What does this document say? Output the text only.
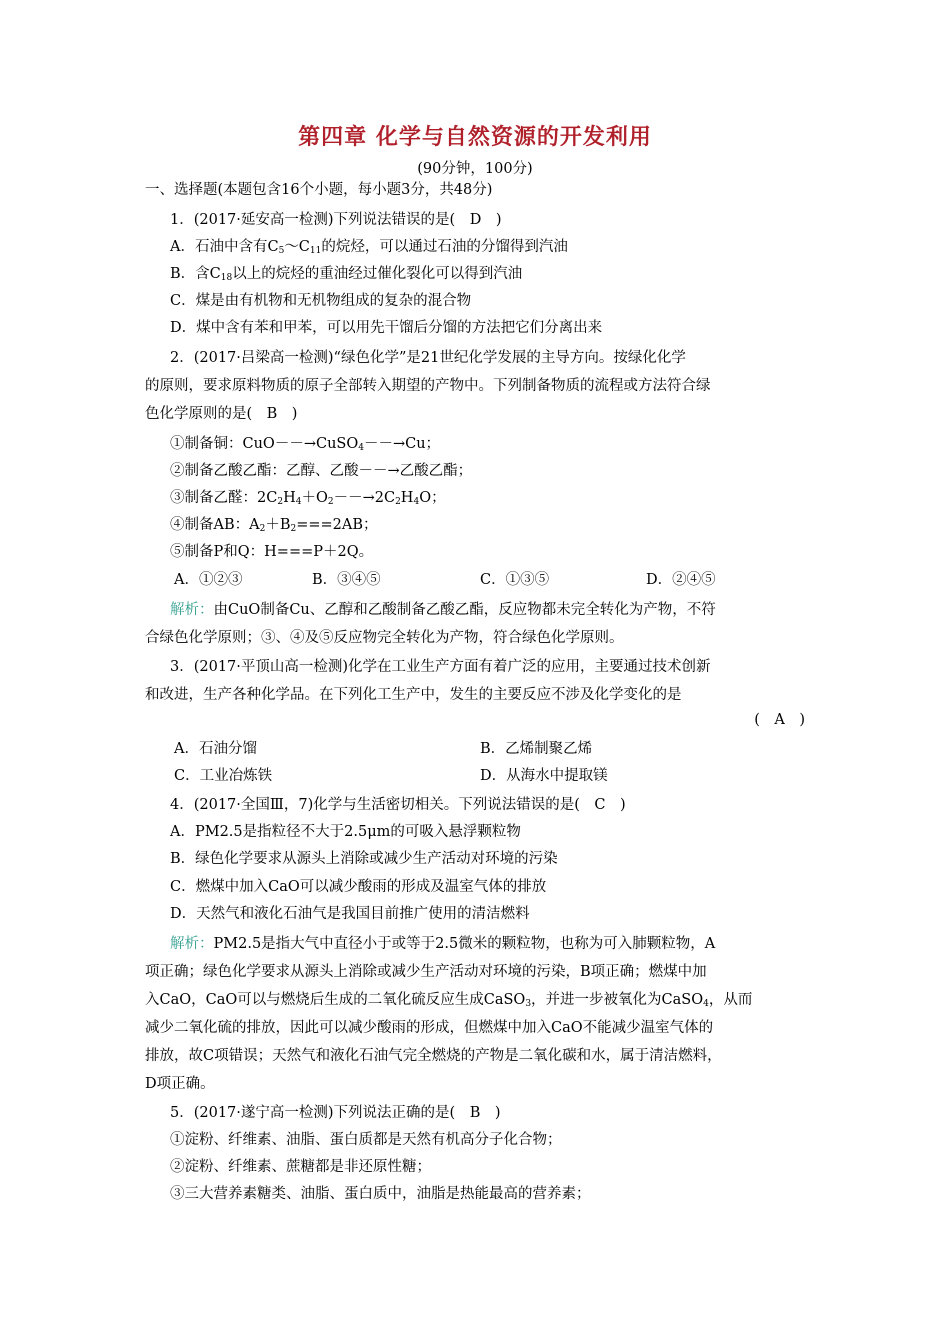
第四章 化学与自然资源的开发利用
(90分钟，100分)
一、选择题(本题包含16个小题，每小题3分，共48分)
1．(2017·延安高一检测)下列说法错误的是(　D　)
A．石油中含有$C_5\sim C_{11}$的烷烃，可以通过石油的分馏得到汽油
B．含$C_{18}$以上的烷烃的重油经过催化裂化可以得到汽油
C．煤是由有机物和无机物组成的复杂的混合物
D．煤中含有苯和甲苯，可以用先干馏后分馏的方法把它们分离出来
2．(2017·吕梁高一检测)“绿色化学”是21世纪化学发展的主导方向。按绿化化学
的原则，要求原料物质的原子全部转入期望的产物中。下列制备物质的流程或方法符合绿
色化学原则的是(　B　)
①制备铜：CuO－－→CuSO$_4$－－→Cu；
②制备乙酸乙酯：乙醇、乙酸－－→乙酸乙酯；
③制备乙醛：$2C_2H_4+O_2--\to 2C_2H_4O$；
④制备AB：$A_2+B_2===2AB$；
⑤制备P和Q：H===P＋2Q。
A．①②③	B．③④⑤	C．①③⑤	D．②④⑤
解析：由CuO制备Cu、乙醇和乙酸制备乙酸乙酯，反应物都未完全转化为产物，不符
合绿色化学原则；③、④及⑤反应物完全转化为产物，符合绿色化学原则。
3．(2017·平顶山高一检测)化学在工业生产方面有着广泛的应用，主要通过技术创新
和改进，生产各种化学品。在下列化工生产中，发生的主要反应不涉及化学变化的是
(　A　)
A．石油分馏	B．乙烯制聚乙烯
C．工业冶炼铁	D．从海水中提取镁
4．(2017·全国Ⅲ，7)化学与生活密切相关。下列说法错误的是(　C　)
A．PM2.5是指粒径不大于2.5μm的可吸入悬浮颗粒物
B．绿色化学要求从源头上消除或减少生产活动对环境的污染
C．燃煤中加入CaO可以减少酸雨的形成及温室气体的排放
D．天然气和液化石油气是我国目前推广使用的清洁燃料
解析：PM2.5是指大气中直径小于或等于2.5微米的颗粒物，也称为可入肺颗粒物，A
项正确；绿色化学要求从源头上消除或减少生产活动对环境的污染，B项正确；燃煤中加
入CaO，CaO可以与燃烧后生成的二氧化硫反应生成CaSO$_3$，并进一步被氧化为CaSO$_4$，从而
减少二氧化硫的排放，因此可以减少酸雨的形成，但燃煤中加入CaO不能减少温室气体的
排放，故C项错误；天然气和液化石油气完全燃烧的产物是二氧化碳和水，属于清洁燃料，
D项正确。
5．(2017·遂宁高一检测)下列说法正确的是(　B　)
①淀粉、纤维素、油脂、蛋白质都是天然有机高分子化合物；
②淀粉、纤维素、蔗糖都是非还原性糖；
③三大营养素糖类、油脂、蛋白质中，油脂是热能最高的营养素；
